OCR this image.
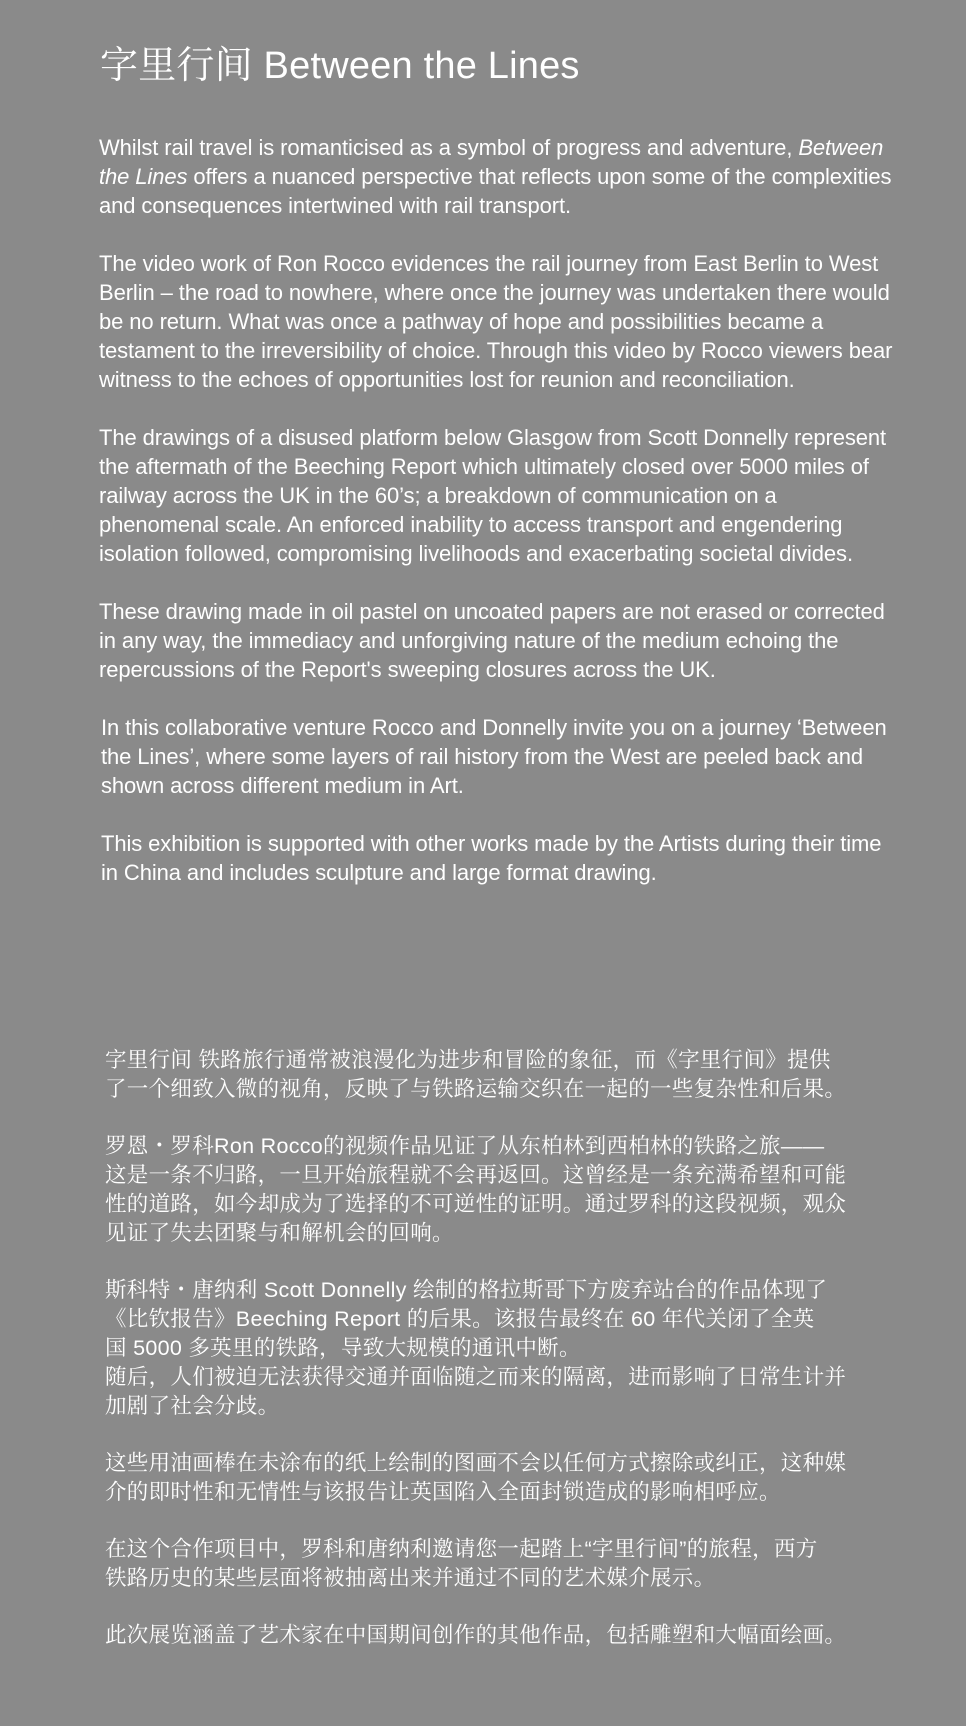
字里行间 Between the Lines

Whilst rail travel is romanticised as a symbol of progress and adventure, Between the Lines offers a nuanced perspective that reflects upon some of the complexities and consequences intertwined with rail transport.

The video work of Ron Rocco evidences the rail journey from East Berlin to West Berlin – the road to nowhere, where once the journey was undertaken there would be no return. What was once a pathway of hope and possibilities became a testament to the irreversibility of choice. Through this video by Rocco viewers bear witness to the echoes of opportunities lost for reunion and reconciliation.

The drawings of a disused platform below Glasgow from Scott Donnelly represent the aftermath of the Beeching Report which ultimately closed over 5000 miles of railway across the UK in the 60’s; a breakdown of communication on a phenomenal scale. An enforced inability to access transport and engendering isolation followed, compromising livelihoods and exacerbating societal divides.

These drawing made in oil pastel on uncoated papers are not erased or corrected in any way, the immediacy and unforgiving nature of the medium echoing the repercussions of the Report's sweeping closures across the UK.

In this collaborative venture Rocco and Donnelly invite you on a journey ‘Between the Lines’, where some layers of rail history from the West are peeled back and shown across different medium in Art.

This exhibition is supported with other works made by the Artists during their time in China and includes sculpture and large format drawing.

字里行间 铁路旅行通常被浪漫化为进步和冒险的象征，而《字里行间》提供
了一个细致入微的视角，反映了与铁路运输交织在一起的一些复杂性和后果。

罗恩・罗科Ron Rocco的视频作品见证了从东柏林到西柏林的铁路之旅——
这是一条不归路，一旦开始旅程就不会再返回。这曾经是一条充满希望和可能
性的道路，如今却成为了选择的不可逆性的证明。通过罗科的这段视频，观众
见证了失去团聚与和解机会的回响。

斯科特・唐纳利 Scott Donnelly 绘制的格拉斯哥下方废弃站台的作品体现了
《比钦报告》Beeching Report 的后果。该报告最终在 60 年代关闭了全英
国 5000 多英里的铁路，导致大规模的通讯中断。
随后，人们被迫无法获得交通并面临随之而来的隔离，进而影响了日常生计并
加剧了社会分歧。

这些用油画棒在未涂布的纸上绘制的图画不会以任何方式擦除或纠正，这种媒
介的即时性和无情性与该报告让英国陷入全面封锁造成的影响相呼应。

在这个合作项目中，罗科和唐纳利邀请您一起踏上“字里行间”的旅程，西方
铁路历史的某些层面将被抽离出来并通过不同的艺术媒介展示。

此次展览涵盖了艺术家在中国期间创作的其他作品，包括雕塑和大幅面绘画。
